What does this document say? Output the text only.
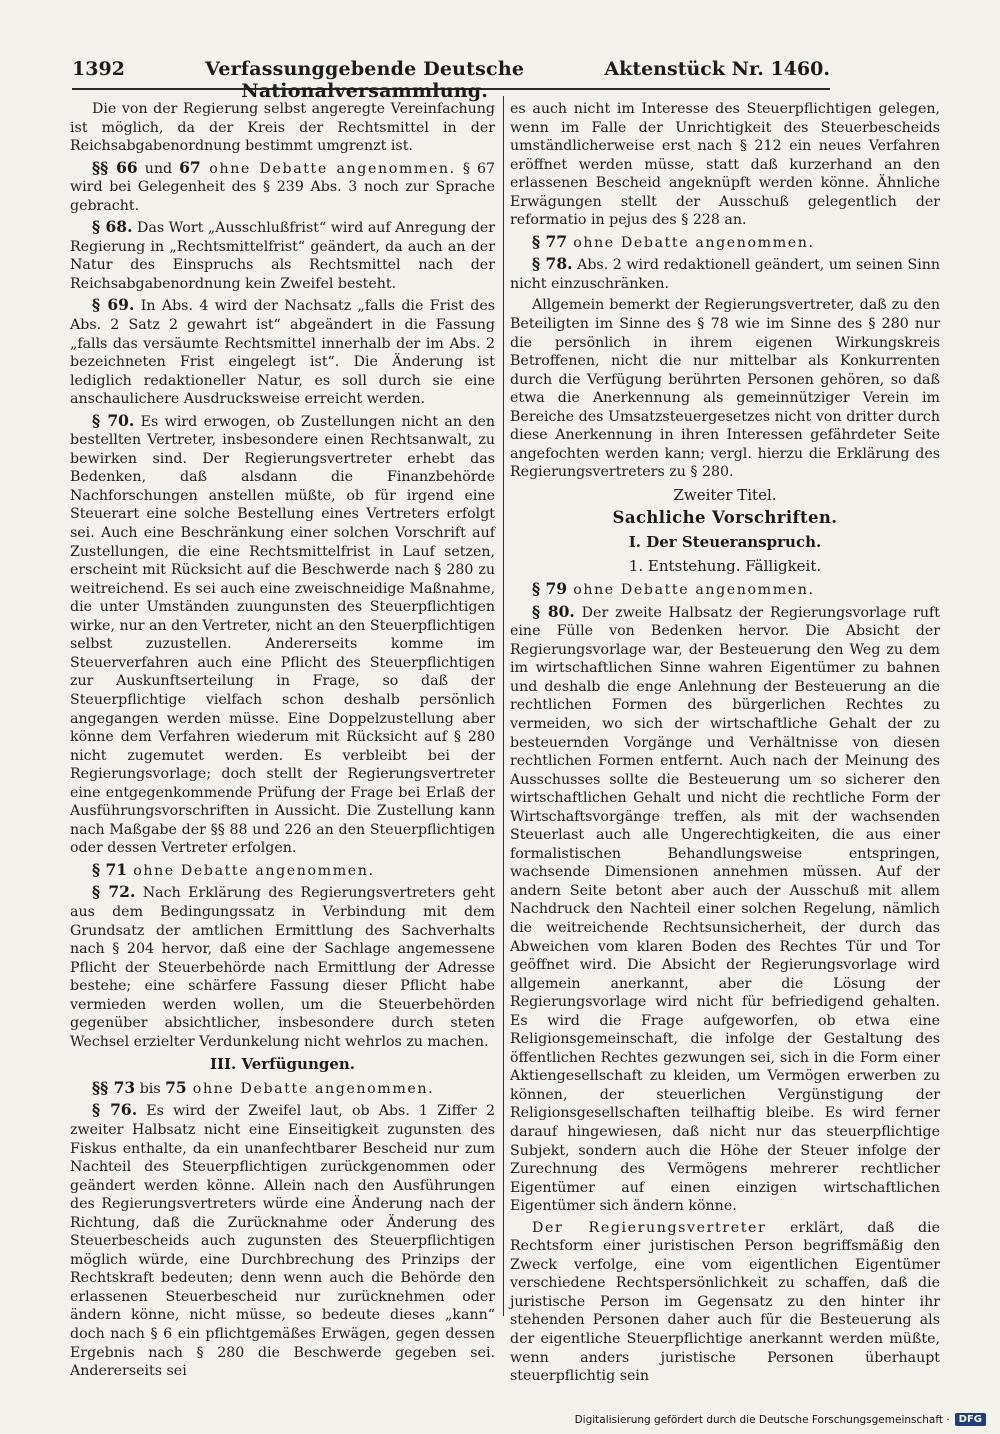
1392	Verfassunggebende Deutsche Nationalversammlung.
Aktenstück Nr. 1460.

Die von der Regierung selbst angeregte Vereinfachung ist möglich, da der Kreis der Rechtsmittel in der Reichsabgabenordnung bestimmt umgrenzt ist.

§§ 66 und 67 ohne Debatte angenommen. § 67 wird bei Gelegenheit des § 239 Abs. 3 noch zur Sprache gebracht.

§ 68. Das Wort „Ausschlußfrist“ wird auf Anregung der Regierung in „Rechtsmittelfrist“ geändert, da auch an der Natur des Einspruchs als Rechtsmittel nach der Reichsabgabenordnung kein Zweifel besteht.

§ 69. In Abs. 4 wird der Nachsatz „falls die Frist des Abs. 2 Satz 2 gewahrt ist“ abgeändert in die Fassung „falls das versäumte Rechtsmittel innerhalb der im Abs. 2 bezeichneten Frist eingelegt ist“. Die Änderung ist lediglich redaktioneller Natur, es soll durch sie eine anschaulichere Ausdrucksweise erreicht werden.

§ 70. Es wird erwogen, ob Zustellungen nicht an den bestellten Vertreter, insbesondere einen Rechtsanwalt, zu bewirken sind. Der Regierungsvertreter erhebt das Bedenken, daß alsdann die Finanzbehörde Nachforschungen anstellen müßte, ob für irgend eine Steuerart eine solche Bestellung eines Vertreters erfolgt sei. Auch eine Beschränkung einer solchen Vorschrift auf Zustellungen, die eine Rechtsmittelfrist in Lauf setzen, erscheint mit Rücksicht auf die Beschwerde nach § 280 zu weitreichend. Es sei auch eine zweischneidige Maßnahme, die unter Umständen zuungunsten des Steuerpflichtigen wirke, nur an den Vertreter, nicht an den Steuerpflichtigen selbst zuzustellen. Andererseits komme im Steuerverfahren auch eine Pflicht des Steuerpflichtigen zur Auskunftserteilung in Frage, so daß der Steuerpflichtige vielfach schon deshalb persönlich angegangen werden müsse. Eine Doppelzustellung aber könne dem Verfahren wiederum mit Rücksicht auf § 280 nicht zugemutet werden. Es verbleibt bei der Regierungsvorlage; doch stellt der Regierungsvertreter eine entgegenkommende Prüfung der Frage bei Erlaß der Ausführungsvorschriften in Aussicht. Die Zustellung kann nach Maßgabe der §§ 88 und 226 an den Steuerpflichtigen oder dessen Vertreter erfolgen.

§ 71 ohne Debatte angenommen.

§ 72. Nach Erklärung des Regierungsvertreters geht aus dem Bedingungssatz in Verbindung mit dem Grundsatz der amtlichen Ermittlung des Sachverhalts nach § 204 hervor, daß eine der Sachlage angemessene Pflicht der Steuerbehörde nach Ermittlung der Adresse bestehe; eine schärfere Fassung dieser Pflicht habe vermieden werden wollen, um die Steuerbehörden gegenüber absichtlicher, insbesondere durch steten Wechsel erzielter Verdunkelung nicht wehrlos zu machen.

III. Verfügungen.

§§ 73 bis 75 ohne Debatte angenommen.

§ 76. Es wird der Zweifel laut, ob Abs. 1 Ziffer 2 zweiter Halbsatz nicht eine Einseitigkeit zugunsten des Fiskus enthalte, da ein unanfechtbarer Bescheid nur zum Nachteil des Steuerpflichtigen zurückgenommen oder geändert werden könne. Allein nach den Ausführungen des Regierungsvertreters würde eine Änderung nach der Richtung, daß die Zurücknahme oder Änderung des Steuerbescheids auch zugunsten des Steuerpflichtigen möglich würde, eine Durchbrechung des Prinzips der Rechtskraft bedeuten; denn wenn auch die Behörde den erlassenen Steuerbescheid nur zurücknehmen oder ändern könne, nicht müsse, so bedeute dieses „kann“ doch nach § 6 ein pflichtgemäßes Erwägen, gegen dessen Ergebnis nach § 280 die Beschwerde gegeben sei. Andererseits sei

es auch nicht im Interesse des Steuerpflichtigen gelegen, wenn im Falle der Unrichtigkeit des Steuerbescheids umständlicherweise erst nach § 212 ein neues Verfahren eröffnet werden müsse, statt daß kurzerhand an den erlassenen Bescheid angeknüpft werden könne. Ähnliche Erwägungen stellt der Ausschuß gelegentlich der reformatio in pejus des § 228 an.

§ 77 ohne Debatte angenommen.

§ 78. Abs. 2 wird redaktionell geändert, um seinen Sinn nicht einzuschränken.

Allgemein bemerkt der Regierungsvertreter, daß zu den Beteiligten im Sinne des § 78 wie im Sinne des § 280 nur die persönlich in ihrem eigenen Wirkungskreis Betroffenen, nicht die nur mittelbar als Konkurrenten durch die Verfügung berührten Personen gehören, so daß etwa die Anerkennung als gemeinnütziger Verein im Bereiche des Umsatzsteuergesetzes nicht von dritter durch diese Anerkennung in ihren Interessen gefährdeter Seite angefochten werden kann; vergl. hierzu die Erklärung des Regierungsvertreters zu § 280.

Zweiter Titel.

Sachliche Vorschriften.

I. Der Steueranspruch.

1. Entstehung. Fälligkeit.

§ 79 ohne Debatte angenommen.

§ 80. Der zweite Halbsatz der Regierungsvorlage ruft eine Fülle von Bedenken hervor. Die Absicht der Regierungsvorlage war, der Besteuerung den Weg zu dem im wirtschaftlichen Sinne wahren Eigentümer zu bahnen und deshalb die enge Anlehnung der Besteuerung an die rechtlichen Formen des bürgerlichen Rechtes zu vermeiden, wo sich der wirtschaftliche Gehalt der zu besteuernden Vorgänge und Verhältnisse von diesen rechtlichen Formen entfernt. Auch nach der Meinung des Ausschusses sollte die Besteuerung um so sicherer den wirtschaftlichen Gehalt und nicht die rechtliche Form der Wirtschaftsvorgänge treffen, als mit der wachsenden Steuerlast auch alle Ungerechtigkeiten, die aus einer formalistischen Behandlungsweise entspringen, wachsende Dimensionen annehmen müssen. Auf der andern Seite betont aber auch der Ausschuß mit allem Nachdruck den Nachteil einer solchen Regelung, nämlich die weitreichende Rechtsunsicherheit, der durch das Abweichen vom klaren Boden des Rechtes Tür und Tor geöffnet wird. Die Absicht der Regierungsvorlage wird allgemein anerkannt, aber die Lösung der Regierungsvorlage wird nicht für befriedigend gehalten. Es wird die Frage aufgeworfen, ob etwa eine Religionsgemeinschaft, die infolge der Gestaltung des öffentlichen Rechtes gezwungen sei, sich in die Form einer Aktiengesellschaft zu kleiden, um Vermögen erwerben zu können, der steuerlichen Vergünstigung der Religionsgesellschaften teilhaftig bleibe. Es wird ferner darauf hingewiesen, daß nicht nur das steuerpflichtige Subjekt, sondern auch die Höhe der Steuer infolge der Zurechnung des Vermögens mehrerer rechtlicher Eigentümer auf einen einzigen wirtschaftlichen Eigentümer sich ändern könne.

Der Regierungsvertreter erklärt, daß die Rechtsform einer juristischen Person begriffsmäßig den Zweck verfolge, eine vom eigentlichen Eigentümer verschiedene Rechtspersönlichkeit zu schaffen, daß die juristische Person im Gegensatz zu den hinter ihr stehenden Personen daher auch für die Besteuerung als der eigentliche Steuerpflichtige anerkannt werden müßte, wenn anders juristische Personen überhaupt steuerpflichtig sein

Digitalisierung gefördert durch die Deutsche Forschungsgemeinschaft · DFG
